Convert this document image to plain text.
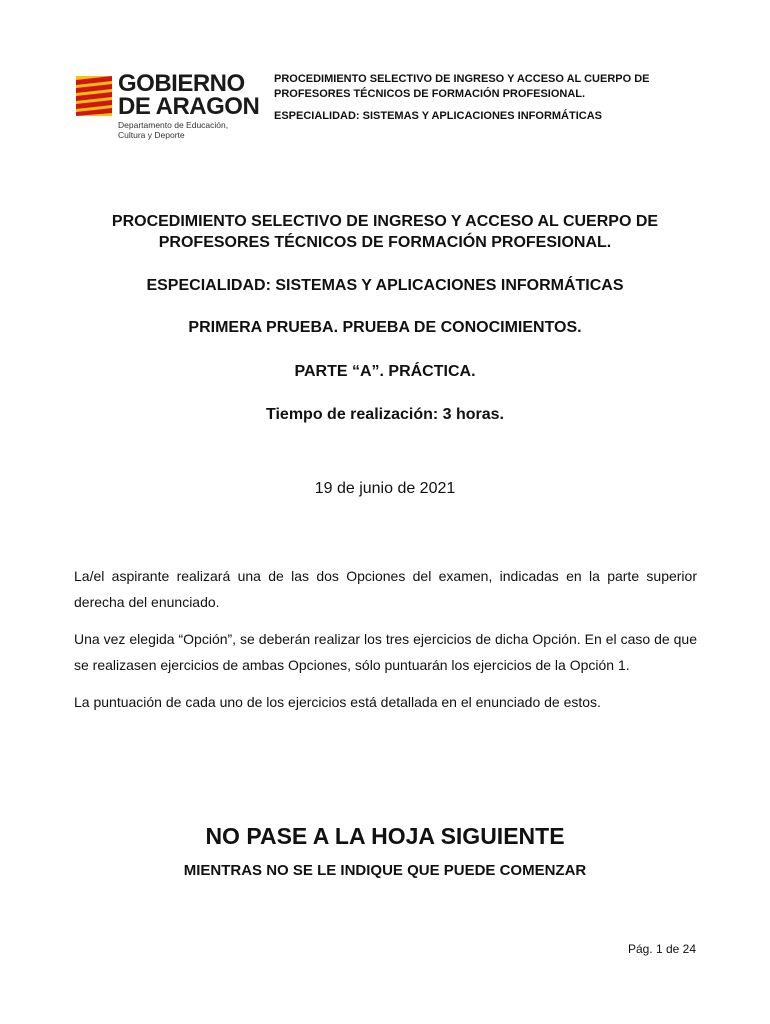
GOBIERNO
DE ARAGON
Departamento de Educación,
Cultura y Deporte
PROCEDIMIENTO SELECTIVO DE INGRESO Y ACCESO AL CUERPO DE PROFESORES TÉCNICOS DE FORMACIÓN PROFESIONAL.
ESPECIALIDAD: SISTEMAS Y APLICACIONES INFORMÁTICAS

PROCEDIMIENTO SELECTIVO DE INGRESO Y ACCESO AL CUERPO DE
PROFESORES TÉCNICOS DE FORMACIÓN PROFESIONAL.

ESPECIALIDAD: SISTEMAS Y APLICACIONES INFORMÁTICAS

PRIMERA PRUEBA. PRUEBA DE CONOCIMIENTOS.

PARTE “A”. PRÁCTICA.

Tiempo de realización: 3 horas.

19 de junio de 2021

La/el aspirante realizará una de las dos Opciones del examen, indicadas en la parte superior derecha del enunciado.

Una vez elegida “Opción”, se deberán realizar los tres ejercicios de dicha Opción. En el caso de que se realizasen ejercicios de ambas Opciones, sólo puntuarán los ejercicios de la Opción 1.

La puntuación de cada uno de los ejercicios está detallada en el enunciado de estos.

NO PASE A LA HOJA SIGUIENTE
MIENTRAS NO SE LE INDIQUE QUE PUEDE COMENZAR
Pág. 1 de 24
